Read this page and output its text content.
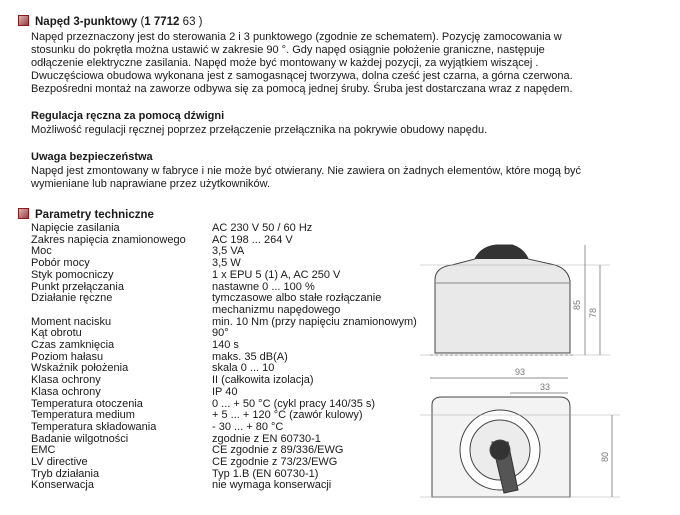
Napęd 3-punktowy (1 7712 63 )
Napęd przeznaczony jest do sterowania 2 i 3 punktowego (zgodnie ze schematem). Pozycję zamocowania w
stosunku do pokrętła można ustawić w zakresie 90 °. Gdy napęd osiągnie położenie graniczne, następuje
odłączenie elektryczne zasilania. Napęd może być montowany w każdej pozycji, za wyjątkiem wiszącej .
Dwuczęściowa obudowa wykonana jest z samogasnącej tworzywa, dolna cześć jest czarna, a górna czerwona.
Bezpośredni montaż na zaworze odbywa się za pomocą jednej śruby. Śruba jest dostarczana wraz z napędem.
Regulacja ręczna za pomocą dźwigni
Możliwość regulacji ręcznej poprzez przełączenie przełącznika na pokrywie obudowy napędu.
Uwaga bezpieczeństwa
Napęd jest zmontowany w fabryce i nie może być otwierany. Nie zawiera on żadnych elementów, które mogą być
wymieniane lub naprawiane przez użytkowników.
Parametry techniczne
Napięcie zasilania	AC 230 V 50 / 60 Hz
Zakres napięcia znamionowego	AC 198 ... 264 V
Moc	3,5 VA
Pobór mocy	3,5 W
Styk pomocniczy	1 x EPU 5 (1) A, AC 250 V
Punkt przełączania	nastawne 0 ... 100 %
Działanie ręczne	tymczasowe albo stałe rozłączanie
	mechanizmu napędowego
Moment nacisku	min. 10 Nm (przy napięciu znamionowym)
Kąt obrotu	90°
Czas zamknięcia	140 s
Poziom hałasu	maks. 35 dB(A)
Wskaźnik położenia	skala 0 ... 10
Klasa ochrony	II (całkowita izolacja)
Klasa ochrony	IP 40
Temperatura otoczenia	0 ... + 50 °C (cykl pracy 140/35 s)
Temperatura medium	+ 5 ... + 120 °C (zawór kulowy)
Temperatura składowania	- 30 ... + 80 °C
Badanie wilgotności	zgodnie z EN 60730-1
EMC	CE zgodnie z 89/336/EWG
LV directive	CE zgodnie z 73/23/EWG
Tryb działania	Typ 1.B (EN 60730-1)
Konserwacja	nie wymaga konserwacji
85
78
93
33
80
